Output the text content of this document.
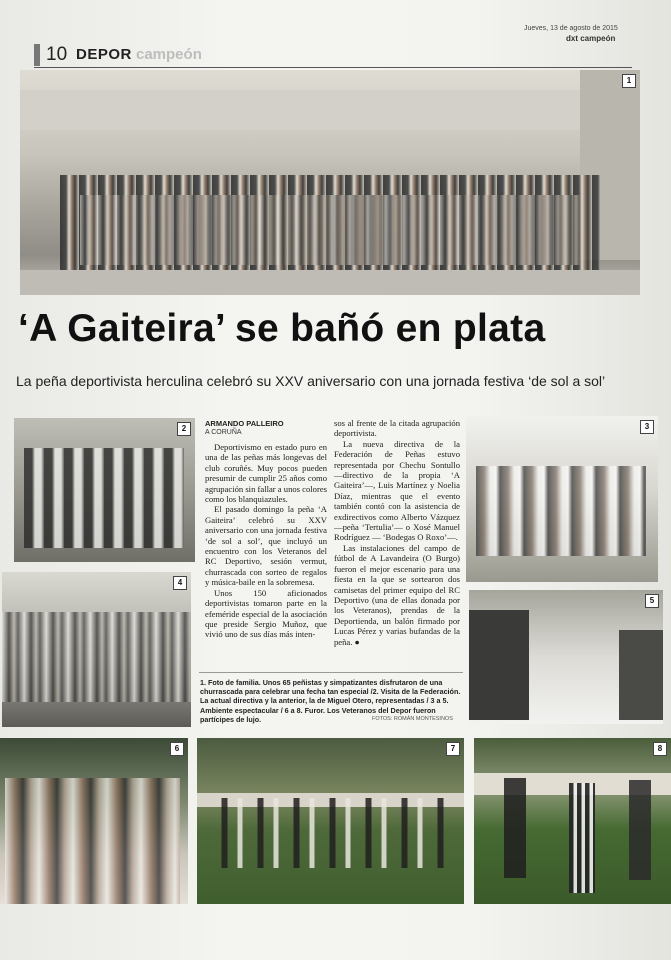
10 DEPOR campeón
Jueves, 13 de agosto de 2015
dxt campeón
1
‘A Gaiteira’ se bañó en plata
La peña deportivista herculina celebró su XXV aniversario con una jornada festiva ‘de sol a sol’
2
4
3
5
ARMANDO PALLEIRO
A CORUÑA

Deportivismo en estado puro en una de las peñas más longevas del club coruñés. Muy pocos pueden presumir de cumplir 25 años como agrupación sin fallar a unos colores como los blanquiazules.

El pasado domingo la peña ‘A Gaiteira’ celebró su XXV aniversario con una jornada festiva ‘de sol a sol’, que incluyó un encuentro con los Veteranos del RC Deportivo, sesión vermut, churrascada con sorteo de regalos y música-baile en la sobremesa.

Unos 150 aficionados deportivistas tomaron parte en la efeméride especial de la asociación que preside Sergio Muñoz, que vivió uno de sus días más inten-

sos al frente de la citada agrupación deportivista.

La nueva directiva de la Federación de Peñas estuvo representada por Chechu Sontullo —directivo de la propia ‘A Gaiteira’—, Luis Martínez y Noelia Díaz, mientras que el evento también contó con la asistencia de exdirectivos como Alberto Vázquez —peña ‘Tertulia’— o Xosé Manuel Rodríguez — ‘Bodegas O Roxo’—.

Las instalaciones del campo de fútbol de A Lavandeira (O Burgo) fueron el mejor escenario para una fiesta en la que se sortearon dos camisetas del primer equipo del RC Deportivo (una de ellas donada por los Veteranos), prendas de la Deportienda, un balón firmado por Lucas Pérez y varias bufandas de la peña. ●

1. Foto de familia. Unos 65 peñistas y simpatizantes disfrutaron de una churrascada para celebrar una fecha tan especial /2. Visita de la Federación. La actual directiva y la anterior, la de Miguel Otero, representadas / 3 a 5. Ambiente espectacular / 6 a 8. Furor. Los Veteranos del Depor fueron partícipes de lujo.	FOTOS: ROMÁN MONTESINOS
6	7	8
